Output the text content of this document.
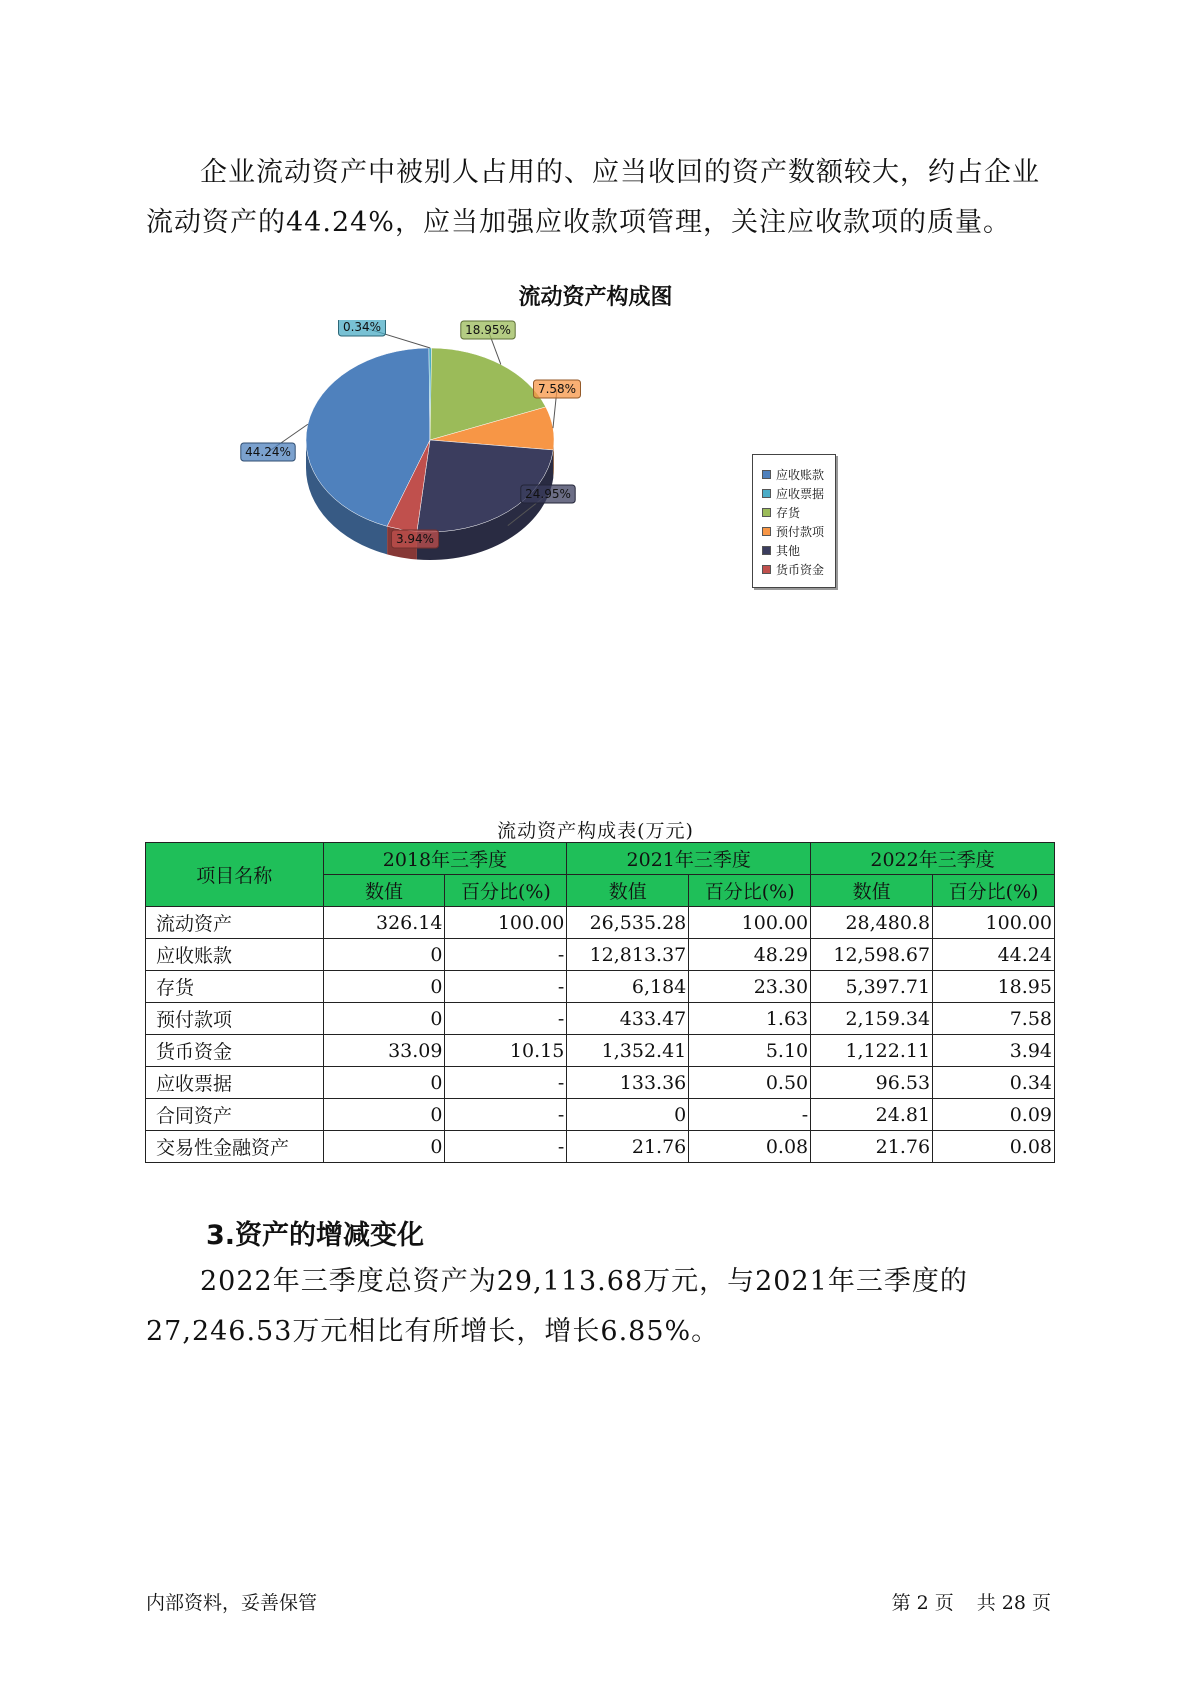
企业流动资产中被别人占用的、应当收回的资产数额较大，约占企业流动资产的44.24%，应当加强应收款项管理，关注应收款项的质量。
流动资产构成图
44.24%
0.34%	18.95%
7.58%
24.95%
3.94%
应收账款
应收票据
存货
预付款项
其他
货币资金
流动资产构成表(万元)
项目名称	2018年三季度		2021年三季度		2022年三季度	
	数值	百分比(%)	数值	百分比(%)	数值	百分比(%)
流动资产	326.14	100.00	26,535.28	100.00	28,480.8	100.00
应收账款	0	-	12,813.37	48.29	12,598.67	44.24
存货	0	-	6,184	23.30	5,397.71	18.95
预付款项	0	-	433.47	1.63	2,159.34	7.58
货币资金	33.09	10.15	1,352.41	5.10	1,122.11	3.94
应收票据	0	-	133.36	0.50	96.53	0.34
合同资产	0	-	0	-	24.81	0.09
交易性金融资产	0	-	21.76	0.08	21.76	0.08
3.资产的增减变化
2022年三季度总资产为29,113.68万元，与2021年三季度的27,246.53万元相比有所增长，增长6.85%。
内部资料，妥善保管	第 2 页 共 28 页
